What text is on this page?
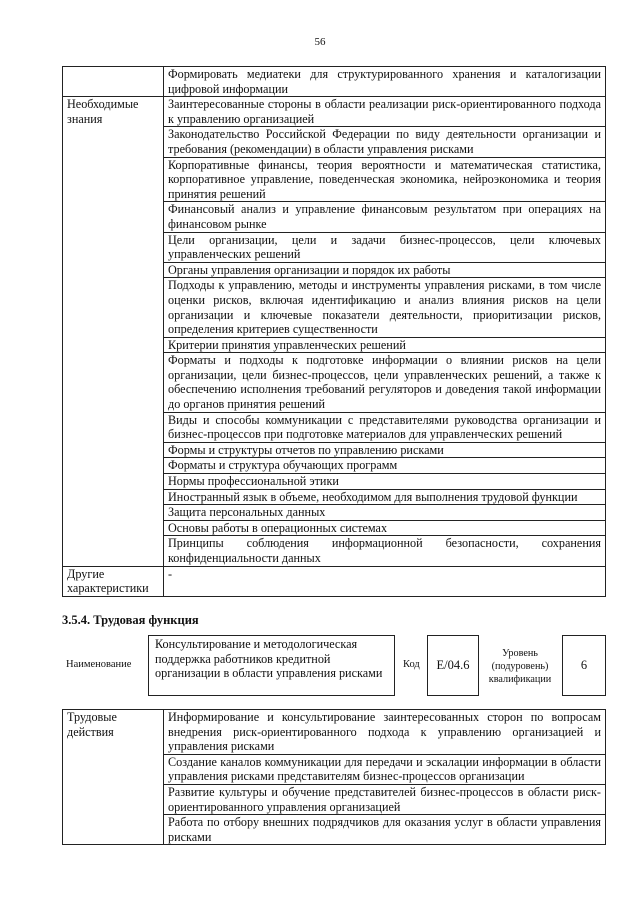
56
	Формировать медиатеки для структурированного хранения и каталогизации цифровой информации
Необходимые знания	Заинтересованные стороны в области реализации риск-ориентированного подхода к управлению организацией
	Законодательство Российской Федерации по виду деятельности организации и требования (рекомендации) в области управления рисками
	Корпоративные финансы, теория вероятности и математическая статистика, корпоративное управление, поведенческая экономика, нейроэкономика и теория принятия решений
	Финансовый анализ и управление финансовым результатом при операциях на финансовом рынке
	Цели организации, цели и задачи бизнес-процессов, цели ключевых управленческих решений
	Органы управления организации и порядок их работы
	Подходы к управлению, методы и инструменты управления рисками, в том числе оценки рисков, включая идентификацию и анализ влияния рисков на цели организации и ключевые показатели деятельности, приоритизации рисков, определения критериев существенности
	Критерии принятия управленческих решений
	Форматы и подходы к подготовке информации о влиянии рисков на цели организации, цели бизнес-процессов, цели управленческих решений, а также к обеспечению исполнения требований регуляторов и доведения такой информации до органов принятия решений
	Виды и способы коммуникации с представителями руководства организации и бизнес-процессов при подготовке материалов для управленческих решений
	Формы и структуры отчетов по управлению рисками
	Форматы и структура обучающих программ
	Нормы профессиональной этики
	Иностранный язык в объеме, необходимом для выполнения трудовой функции
	Защита персональных данных
	Основы работы в операционных системах
	Принципы соблюдения информационной безопасности, сохранения конфиденциальности данных
Другие характеристики	-
3.5.4. Трудовая функция
Наименование
Консультирование и методологическая поддержка работников кредитной организации в области управления рисками
Код	E/04.6
Уровень
(подуровень)
квалификации
6
Трудовые действия	Информирование и консультирование заинтересованных сторон по вопросам внедрения риск-ориентированного подхода к управлению организацией и управления рисками
Создание каналов коммуникации для передачи и эскалации информации в области управления рисками представителям бизнес-процессов организации
Развитие культуры и обучение представителей бизнес-процессов в области риск-ориентированного управления организацией
Работа по отбору внешних подрядчиков для оказания услуг в области управления рисками
